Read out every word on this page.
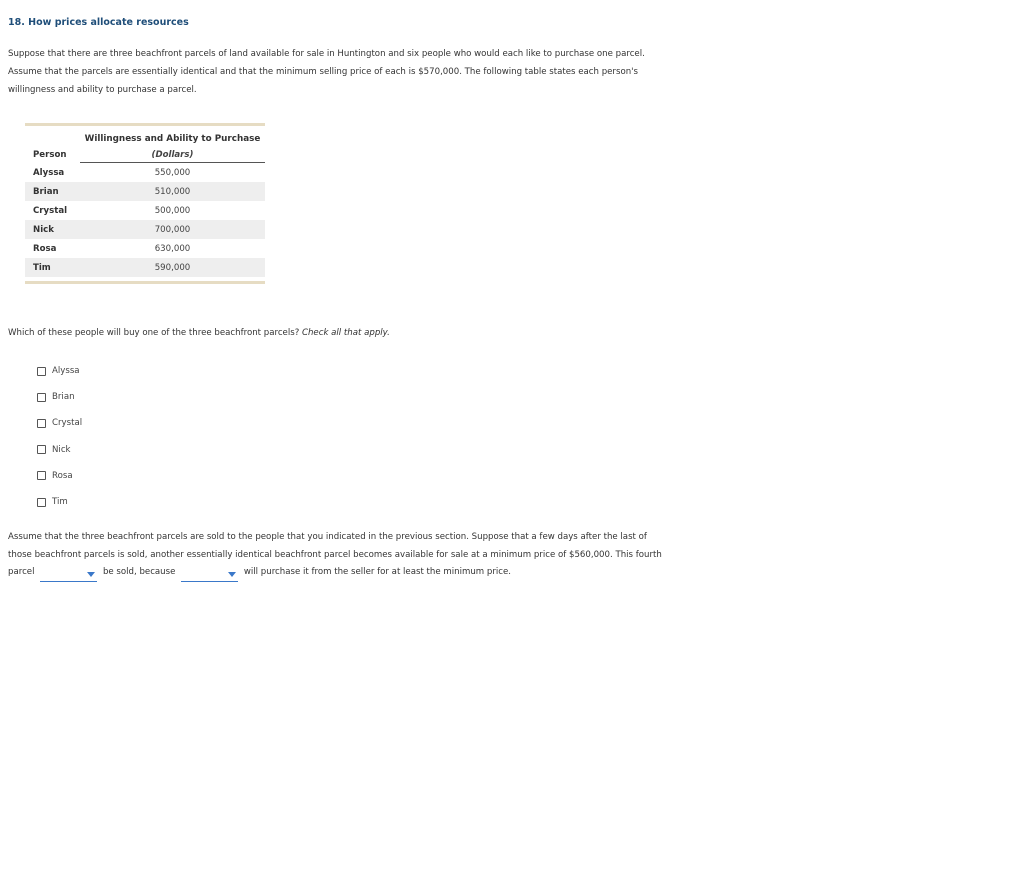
18. How prices allocate resources
Suppose that there are three beachfront parcels of land available for sale in Huntington and six people who would each like to purchase one parcel.
Assume that the parcels are essentially identical and that the minimum selling price of each is $570,000. The following table states each person's
willingness and ability to purchase a parcel.
Willingness and Ability to Purchase
(Dollars)
Person
Alyssa	550,000
Brian	510,000
Crystal	500,000
Nick	700,000
Rosa	630,000
Tim	590,000
Which of these people will buy one of the three beachfront parcels? Check all that apply.
Alyssa
Brian
Crystal
Nick
Rosa
Tim
Assume that the three beachfront parcels are sold to the people that you indicated in the previous section. Suppose that a few days after the last of
those beachfront parcels is sold, another essentially identical beachfront parcel becomes available for sale at a minimum price of $560,000. This fourth
parcel	be sold, because	will purchase it from the seller for at least the minimum price.
